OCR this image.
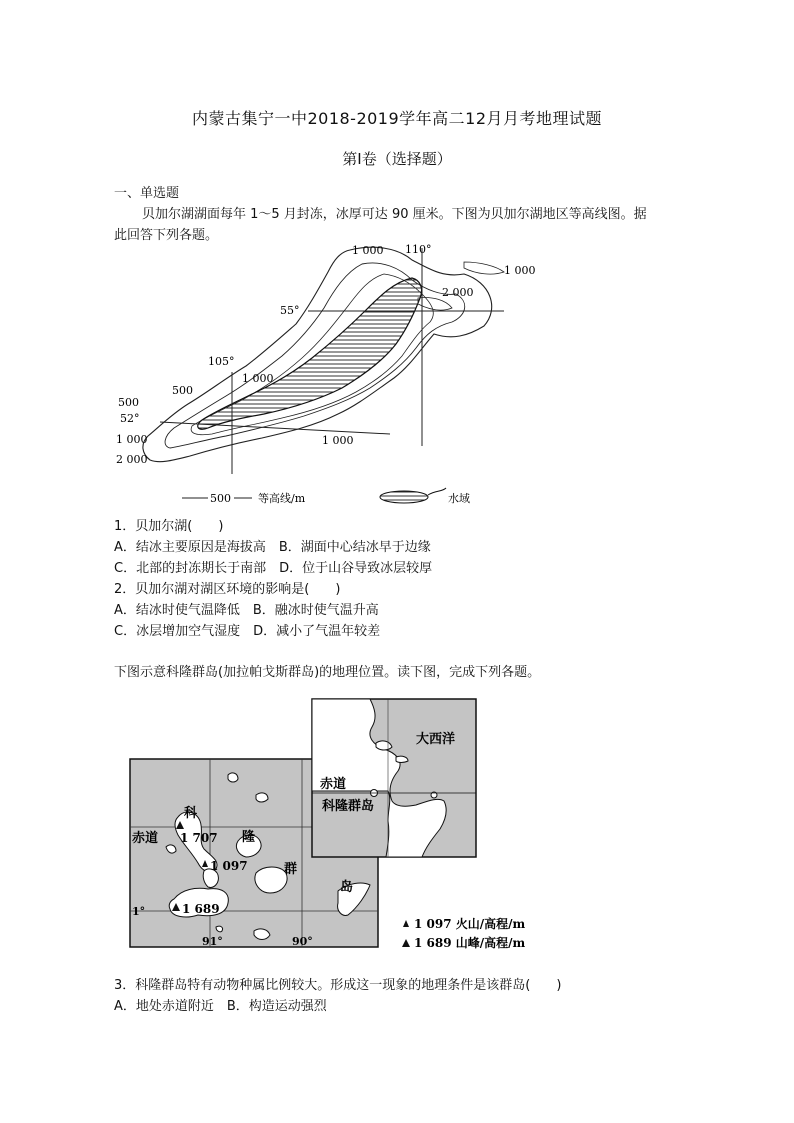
内蒙古集宁一中2018-2019学年高二12月月考地理试题
第Ⅰ卷（选择题）
一、单选题
贝加尔湖湖面每年 1～5 月封冻，冰厚可达 90 厘米。下图为贝加尔湖地区等高线图。据
此回答下列各题。
1 000 110°
1 000
2 000
55°
105°
1 000
500
500
52°
1 000	1 000
2 000
500 等高线/m	水域
1．贝加尔湖(　　)
A．结冰主要原因是海拔高　B．湖面中心结冰早于边缘
C．北部的封冻期长于南部　D．位于山谷导致冰层较厚
2．贝加尔湖对湖区环境的影响是(　　)
A．结冰时使气温降低　B．融冰时使气温升高
C．冰层增加空气湿度　D．减小了气温年较差
下图示意科隆群岛(加拉帕戈斯群岛)的地理位置。读下图，完成下列各题。
科
隆
群
岛
赤道 1 707
1 097
1 689
1°
91°	90°
大西洋
赤道
科隆群岛
1 097 火山/高程/m
1 689 山峰/高程/m
3．科隆群岛特有动物种属比例较大。形成这一现象的地理条件是该群岛(　　)
A．地处赤道附近　B．构造运动强烈
